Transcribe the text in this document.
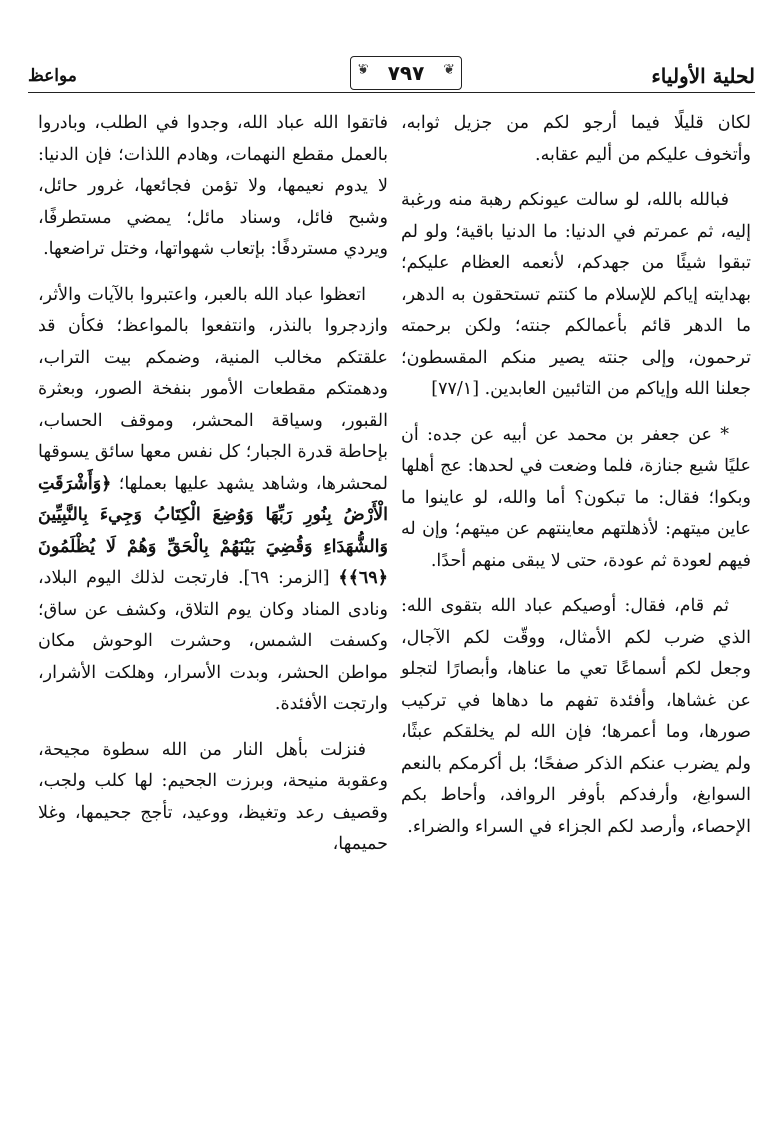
لحلية الأولياء
❦ ٧٩٧
❦
مواعظ

لكان قليلًا فيما أرجو لكم من جزيل ثوابه، وأتخوف عليكم من أليم عقابه.

فبالله بالله، لو سالت عيونكم رهبة منه ورغبة إليه، ثم عمرتم في الدنيا: ما الدنيا باقية؛ ولو لم تبقوا شيئًا من جهدكم، لأنعمه العظام عليكم؛ بهدايته إياكم للإسلام ما كنتم تستحقون به الدهر، ما الدهر قائم بأعمالكم جنته؛ ولكن برحمته ترحمون، وإلى جنته يصير منكم المقسطون؛ جعلنا الله وإياكم من التائبين العابدين. [٧٧/١]

* عن جعفر بن محمد عن أبيه عن جده: أن عليًا شيع جنازة، فلما وضعت في لحدها: عج أهلها وبكوا؛ فقال: ما تبكون؟ أما والله، لو عاينوا ما عاين ميتهم: لأذهلتهم معاينتهم عن ميتهم؛ وإن له فيهم لعودة ثم عودة، حتى لا يبقى منهم أحدًا.

ثم قام، فقال: أوصيكم عباد الله بتقوى الله: الذي ضرب لكم الأمثال، ووقّت لكم الآجال، وجعل لكم أسماعًا تعي ما عناها، وأبصارًا لتجلو عن غشاها، وأفئدة تفهم ما دهاها في تركيب صورها، وما أعمرها؛ فإن الله لم يخلقكم عبثًا، ولم يضرب عنكم الذكر صفحًا؛ بل أكرمكم بالنعم السوابغ، وأرفدكم بأوفر الروافد، وأحاط بكم الإحصاء، وأرصد لكم الجزاء في السراء والضراء.

فاتقوا الله عباد الله، وجدوا في الطلب، وبادروا بالعمل مقطع النهمات، وهادم اللذات؛ فإن الدنيا: لا يدوم نعيمها، ولا تؤمن فجائعها، غرور حائل، وشبح فائل، وسناد مائل؛ يمضي مستطرفًا، ويردي مستردفًا: بإتعاب شهواتها، وختل تراضعها.

اتعظوا عباد الله بالعبر، واعتبروا بالآيات والأثر، وازدجروا بالنذر، وانتفعوا بالمواعظ؛ فكأن قد علقتكم مخالب المنية، وضمكم بيت التراب، ودهمتكم مقطعات الأمور بنفخة الصور، وبعثرة القبور، وسياقة المحشر، وموقف الحساب، بإحاطة قدرة الجبار؛ كل نفس معها سائق يسوقها لمحشرها، وشاهد يشهد عليها بعملها؛ ﴿وَأَشْرَقَتِ الْأَرْضُ بِنُورِ رَبِّهَا وَوُضِعَ الْكِتَابُ وَجِيءَ بِالنَّبِيِّينَ وَالشُّهَدَاءِ وَقُضِيَ بَيْنَهُمْ بِالْحَقِّ وَهُمْ لَا يُظْلَمُونَ ﴿٦٩﴾﴾ [الزمر: ٦٩]. فارتجت لذلك اليوم البلاد، ونادى المناد وكان يوم التلاق، وكشف عن ساق؛ وكسفت الشمس، وحشرت الوحوش مكان مواطن الحشر، وبدت الأسرار، وهلكت الأشرار، وارتجت الأفئدة.

فنزلت بأهل النار من الله سطوة مجيحة، وعقوبة منيحة، وبرزت الجحيم: لها كلب ولجب، وقصيف رعد وتغيظ، ووعيد، تأجج جحيمها، وغلا حميمها،
